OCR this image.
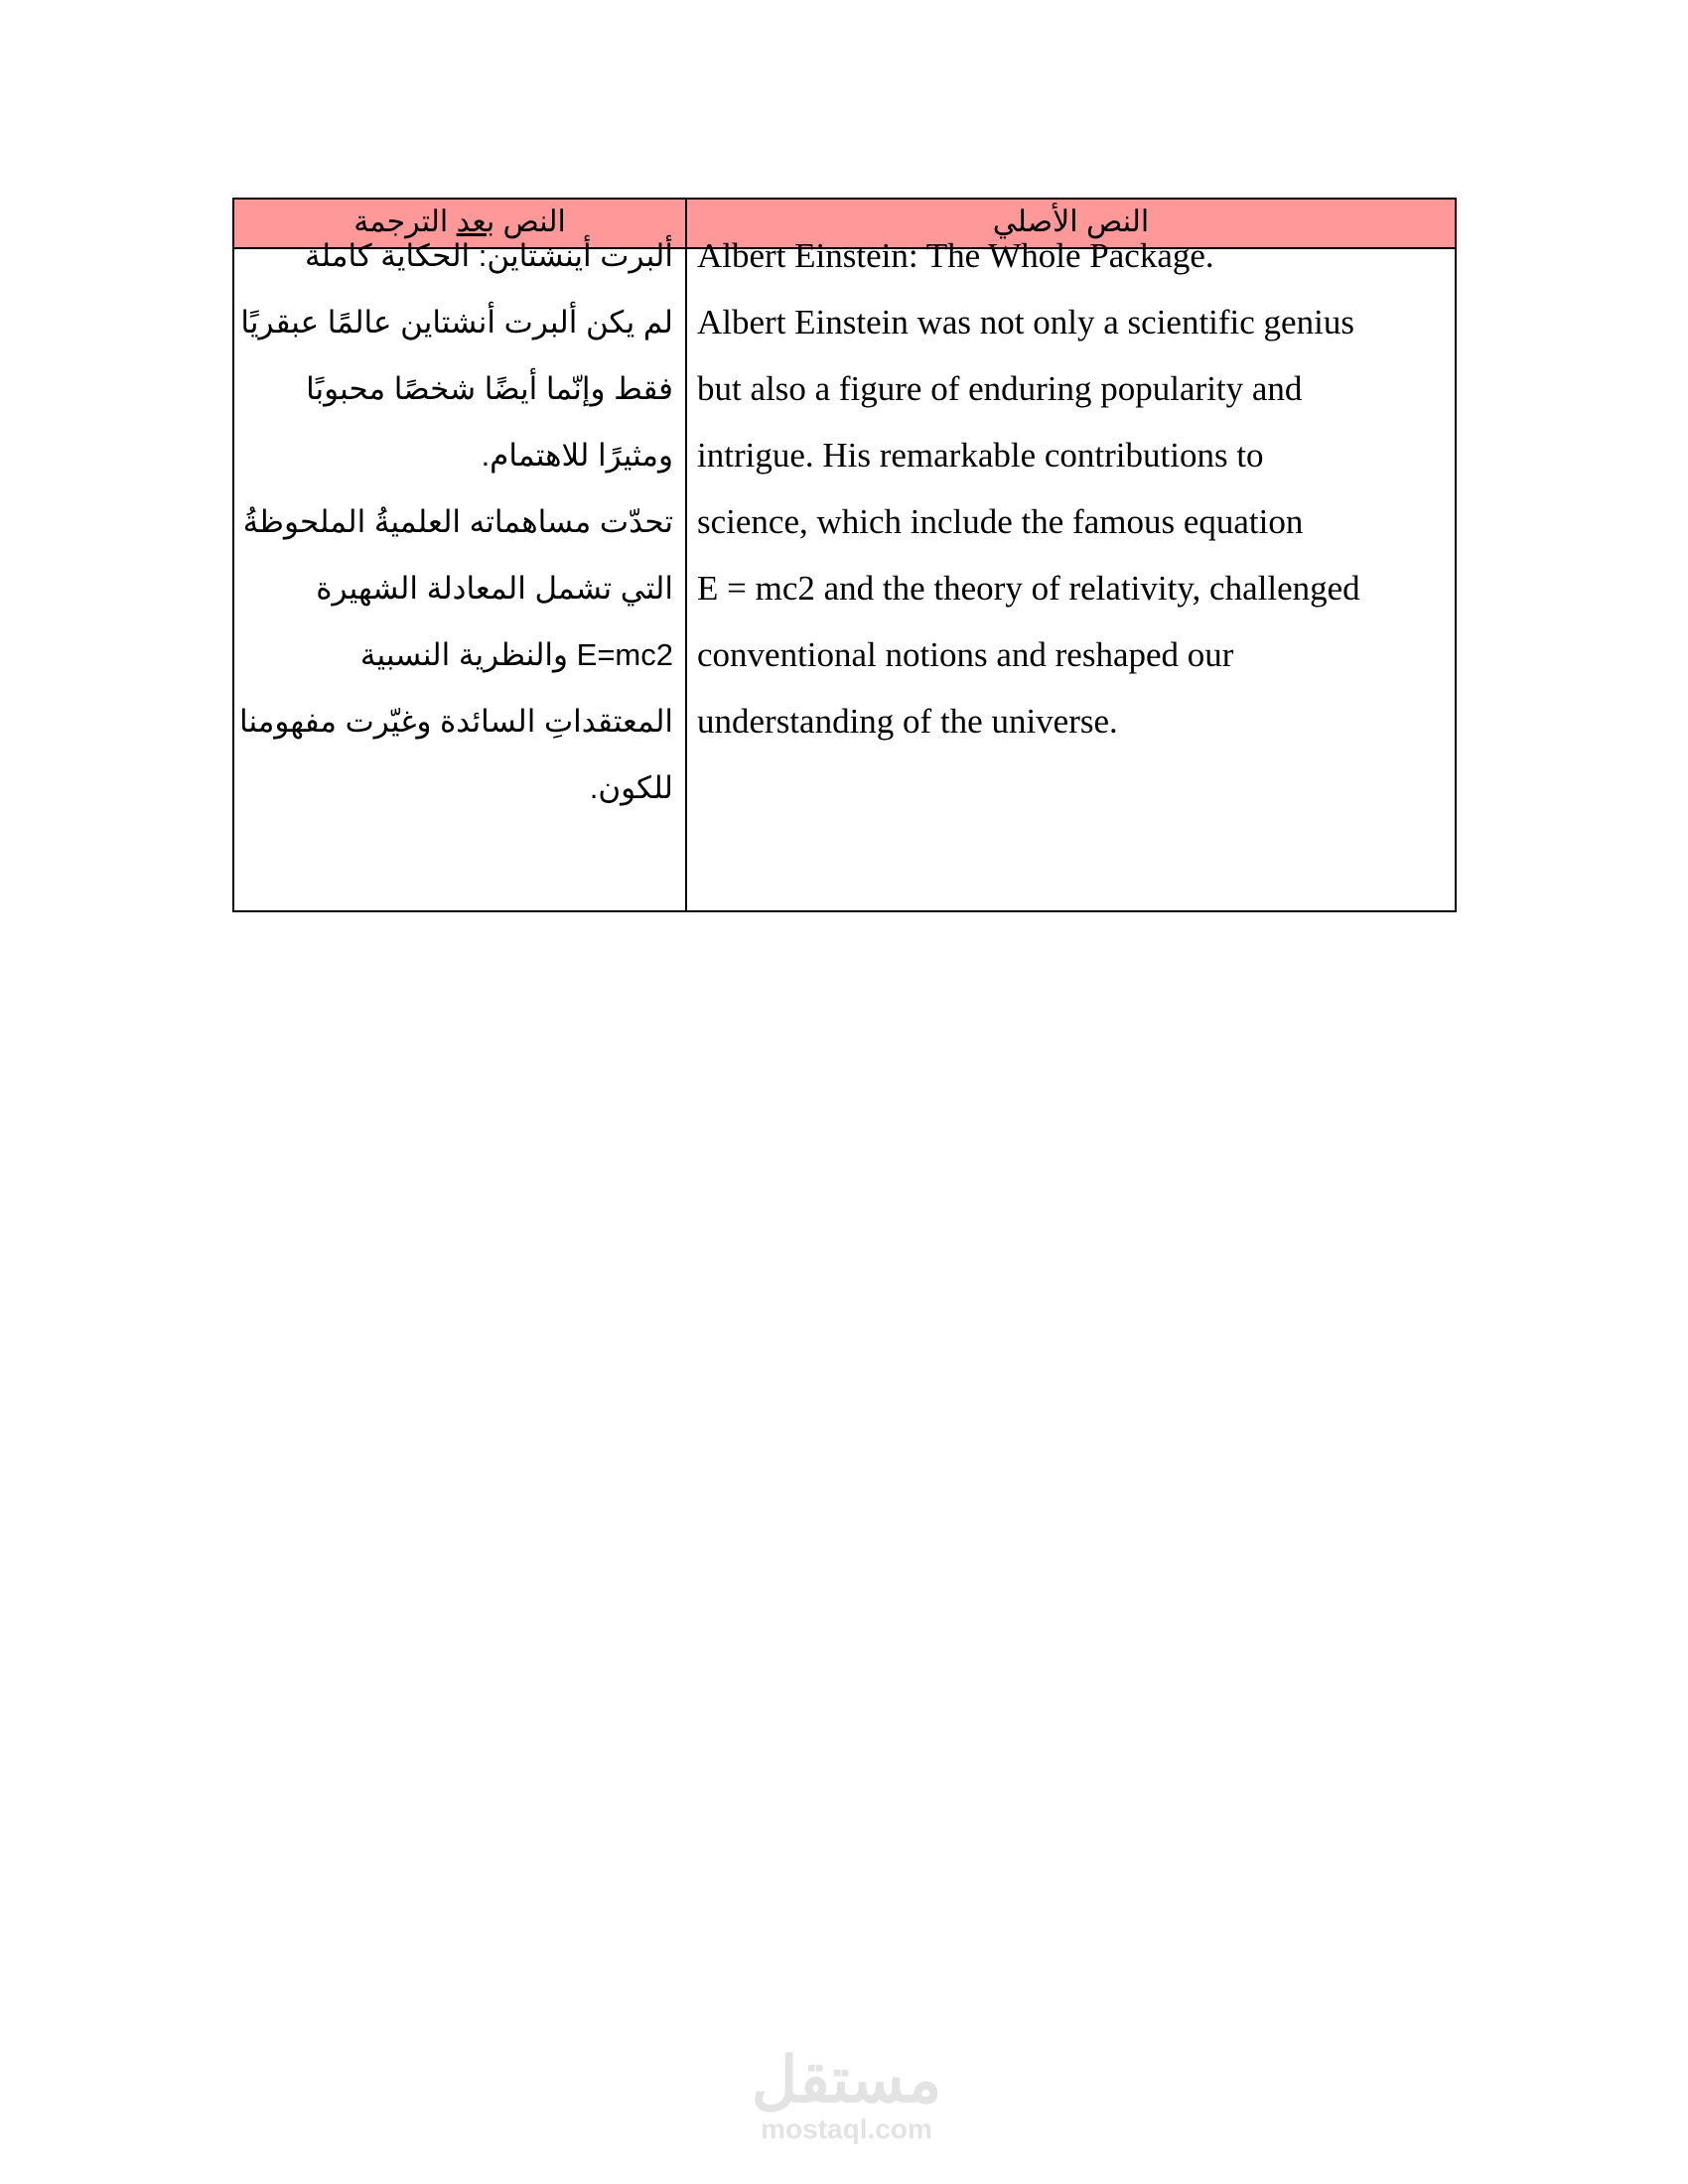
النص بعد الترجمة	النص الأصلي
ألبرت أينشتاين: الحكاية كاملة
لم يكن ألبرت أنشتاين عالمًا عبقريًا
فقط وإنّما أيضًا شخصًا محبوبًا
ومثيرًا للاهتمام.
تحدّت مساهماته العلميةُ الملحوظةُ
التي تشمل المعادلة الشهيرة
E=mc2 والنظرية النسبية
المعتقداتِ السائدة وغيّرت مفهومنا
للكون.
Albert Einstein: The Whole Package.
Albert Einstein was not only a scientific genius
but also a figure of enduring popularity and
intrigue. His remarkable contributions to
science, which include the famous equation
E = mc2 and the theory of relativity, challenged
conventional notions and reshaped our
understanding of the universe.
مستقل
mostaql.com
